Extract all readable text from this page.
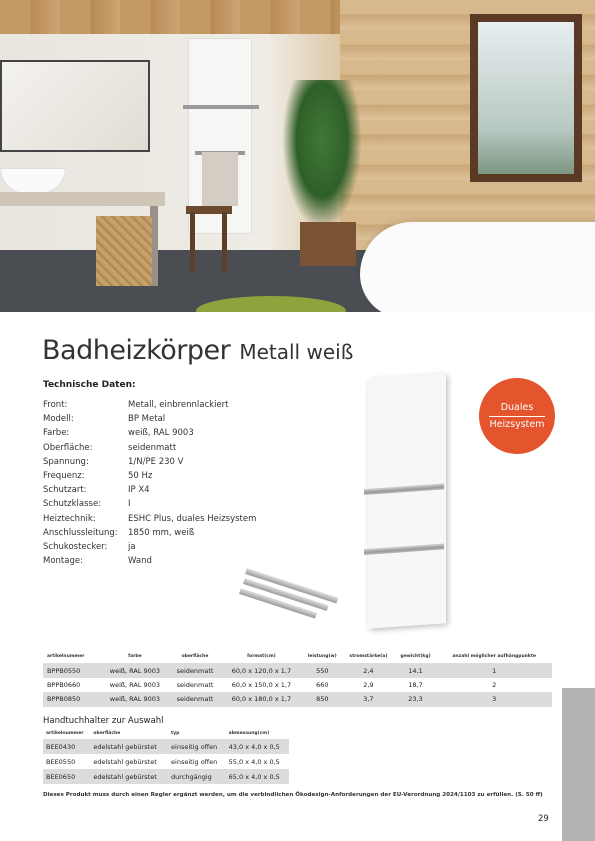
Badheizkörper Metall weiß
Technische Daten:
Front:	Metall, einbrennlackiert
Modell:	BP Metal
Farbe:	weiß, RAL 9003
Oberfläche:	seidenmatt
Spannung:	1/N/PE 230 V
Frequenz:	50 Hz
Schutzart:	IP X4
Schutzklasse:	I
Heiztechnik:	ESHC Plus, duales Heizsystem
Anschlussleitung:	1850 mm, weiß
Schukostecker:	ja
Montage:	Wand
Duales
Heizsystem
artikelnummer	farbe	oberfläche	format(cm)	leistung(w)	stromstärke(a)	gewicht(kg)	anzahl möglicher aufhängpunkte
BPPB0550	weiß, RAL 9003	seidenmatt	60,0 x 120,0 x 1,7	550	2,4	14,1	1
BPPB0660	weiß, RAL 9003	seidenmatt	60,0 x 150,0 x 1,7	660	2,9	18,7	2
BPPB0850	weiß, RAL 9003	seidenmatt	60,0 x 180,0 x 1,7	850	3,7	23,3	3
Handtuchhalter zur Auswahl
artikelnummer	oberfläche	typ	abmessung(cm)
BEE0430	edelstahl gebürstet	einseitig offen	43,0 x 4,0 x 0,5
BEE0550	edelstahl gebürstet	einseitig offen	55,0 x 4,0 x 0,5
BEE0650	edelstahl gebürstet	durchgängig	65,0 x 4,0 x 0,5
Dieses Produkt muss durch einen Regler ergänzt werden, um die verbindlichen Ökodesign-Anforderungen der EU-Verordnung 2024/1103 zu erfüllen. (S. 50 ff)
29
